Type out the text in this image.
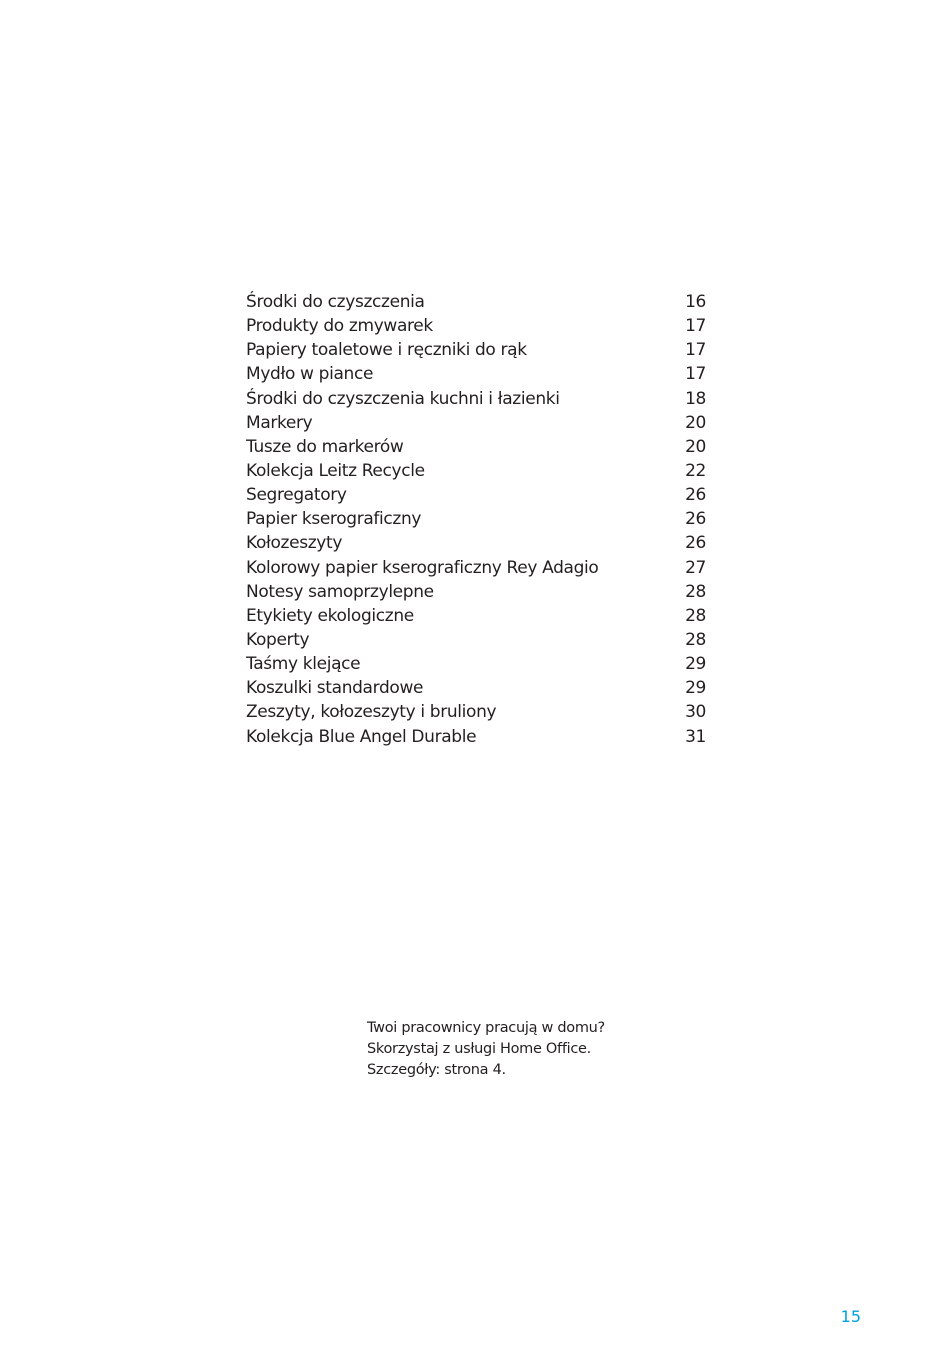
Środki do czyszczenia	16
Produkty do zmywarek	17
Papiery toaletowe i ręczniki do rąk	17
Mydło w piance	17
Środki do czyszczenia kuchni i łazienki	18
Markery	20
Tusze do markerów	20
Kolekcja Leitz Recycle	22
Segregatory	26
Papier kserograficzny	26
Kołozeszyty	26
Kolorowy papier kserograficzny Rey Adagio	27
Notesy samoprzylepne	28
Etykiety ekologiczne	28
Koperty	28
Taśmy klejące	29
Koszulki standardowe	29
Zeszyty, kołozeszyty i bruliony	30
Kolekcja Blue Angel Durable	31
Twoi pracownicy pracują w domu?
Skorzystaj z usługi Home Office.
Szczegóły: strona 4.
15
